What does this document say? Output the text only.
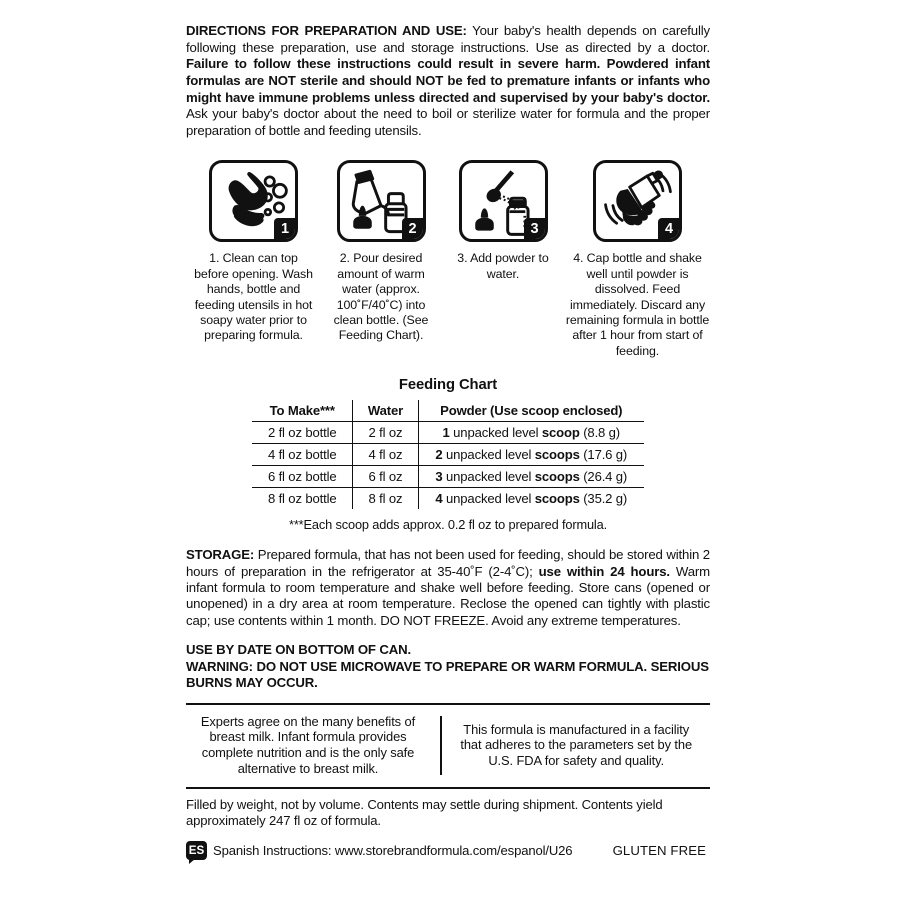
DIRECTIONS FOR PREPARATION AND USE: Your baby's health depends on carefully following these preparation, use and storage instructions. Use as directed by a doctor. Failure to follow these instructions could result in severe harm. Powdered infant formulas are NOT sterile and should NOT be fed to premature infants or infants who might have immune problems unless directed and supervised by your baby's doctor. Ask your baby's doctor about the need to boil or sterilize water for formula and the proper preparation of bottle and feeding utensils.

1
1. Clean can top before opening. Wash hands, bottle and feeding utensils in hot soapy water prior to preparing formula.
2
2. Pour desired amount of warm water (approx. 100˚F/40˚C) into clean bottle. (See Feeding Chart).
3
3. Add powder to water.
4
4. Cap bottle and shake well until powder is dissolved. Feed immediately. Discard any remaining formula in bottle after 1 hour from start of feeding.
Feeding Chart
To Make***	Water	Powder (Use scoop enclosed)
2 fl oz bottle	2 fl oz	1 unpacked level scoop (8.8 g)
4 fl oz bottle	4 fl oz	2 unpacked level scoops (17.6 g)
6 fl oz bottle	6 fl oz	3 unpacked level scoops (26.4 g)
8 fl oz bottle	8 fl oz	4 unpacked level scoops (35.2 g)
***Each scoop adds approx. 0.2 fl oz to prepared formula.

STORAGE: Prepared formula, that has not been used for feeding, should be stored within 2 hours of preparation in the refrigerator at 35-40˚F (2-4˚C); use within 24 hours. Warm infant formula to room temperature and shake well before feeding. Store cans (opened or unopened) in a dry area at room temperature. Reclose the opened can tightly with plastic cap; use contents within 1 month. DO NOT FREEZE. Avoid any extreme temperatures.

USE BY DATE ON BOTTOM OF CAN.
WARNING: DO NOT USE MICROWAVE TO PREPARE OR WARM FORMULA. SERIOUS BURNS MAY OCCUR.
Experts agree on the many benefits of breast milk. Infant formula provides complete nutrition and is the only safe alternative to breast milk.
This formula is manufactured in a facility that adheres to the parameters set by the U.S. FDA for safety and quality.
Filled by weight, not by volume. Contents may settle during shipment. Contents yield approximately 247 fl oz of formula.
ES Spanish Instructions: www.storebrandformula.com/espanol/U26	GLUTEN FREE
